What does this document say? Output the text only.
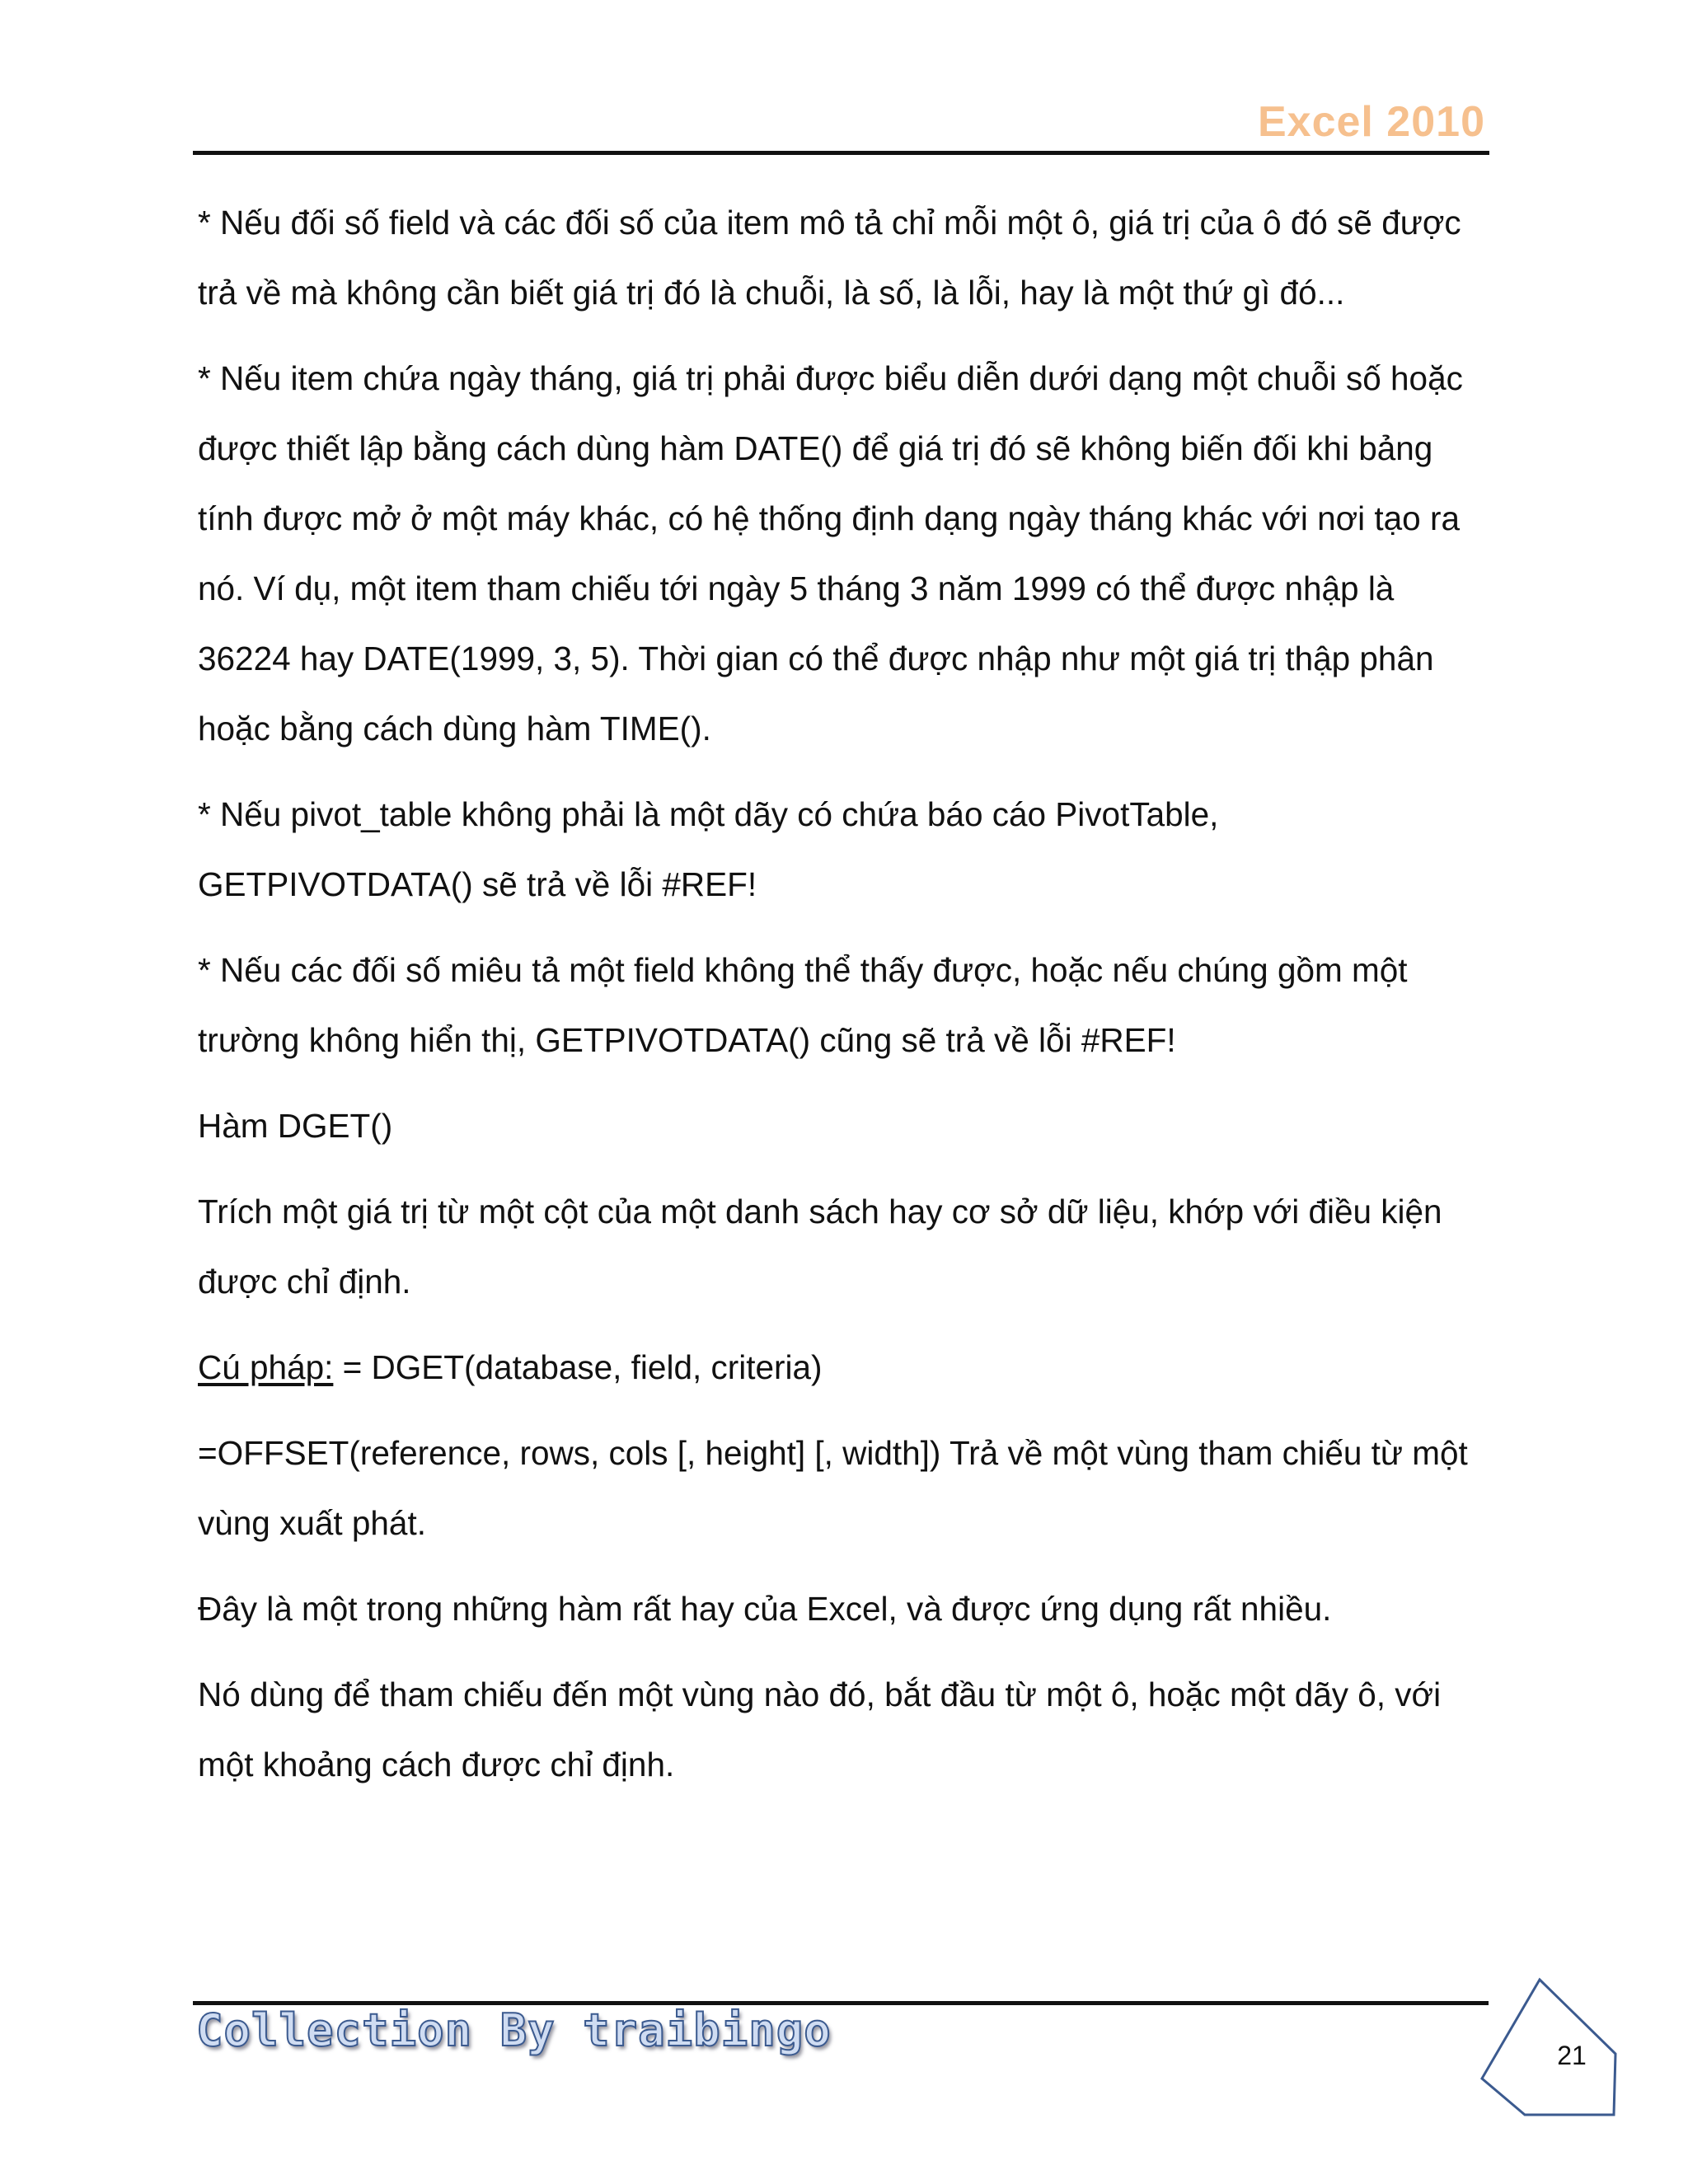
Excel 2010

* Nếu đối số field và các đối số của item mô tả chỉ mỗi một ô, giá trị của ô đó sẽ được trả về mà không cần biết giá trị đó là chuỗi, là số, là lỗi, hay là một thứ gì đó...

* Nếu item chứa ngày tháng, giá trị phải được biểu diễn dưới dạng một chuỗi số hoặc được thiết lập bằng cách dùng hàm DATE() để giá trị đó sẽ không biến đối khi bảng tính được mở ở một máy khác, có hệ thống định dạng ngày tháng khác với nơi tạo ra nó. Ví dụ, một item tham chiếu tới ngày 5 tháng 3 năm 1999 có thể được nhập là 36224 hay DATE(1999, 3, 5). Thời gian có thể được nhập như một giá trị thập phân hoặc bằng cách dùng hàm TIME().

* Nếu pivot_table không phải là một dãy có chứa báo cáo PivotTable, GETPIVOTDATA() sẽ trả về lỗi #REF!

* Nếu các đối số miêu tả một field không thể thấy được, hoặc nếu chúng gồm một trường không hiển thị, GETPIVOTDATA() cũng sẽ trả về lỗi #REF!

Hàm DGET()

Trích một giá trị từ một cột của một danh sách hay cơ sở dữ liệu, khớp với điều kiện được chỉ định.

Cú pháp: = DGET(database, field, criteria)

=OFFSET(reference, rows, cols [, height] [, width]) Trả về một vùng tham chiếu từ một vùng xuất phát.

Đây là một trong những hàm rất hay của Excel, và được ứng dụng rất nhiều.

Nó dùng để tham chiếu đến một vùng nào đó, bắt đầu từ một ô, hoặc một dãy ô, với một khoảng cách được chỉ định.

Collection By traibingo	21
